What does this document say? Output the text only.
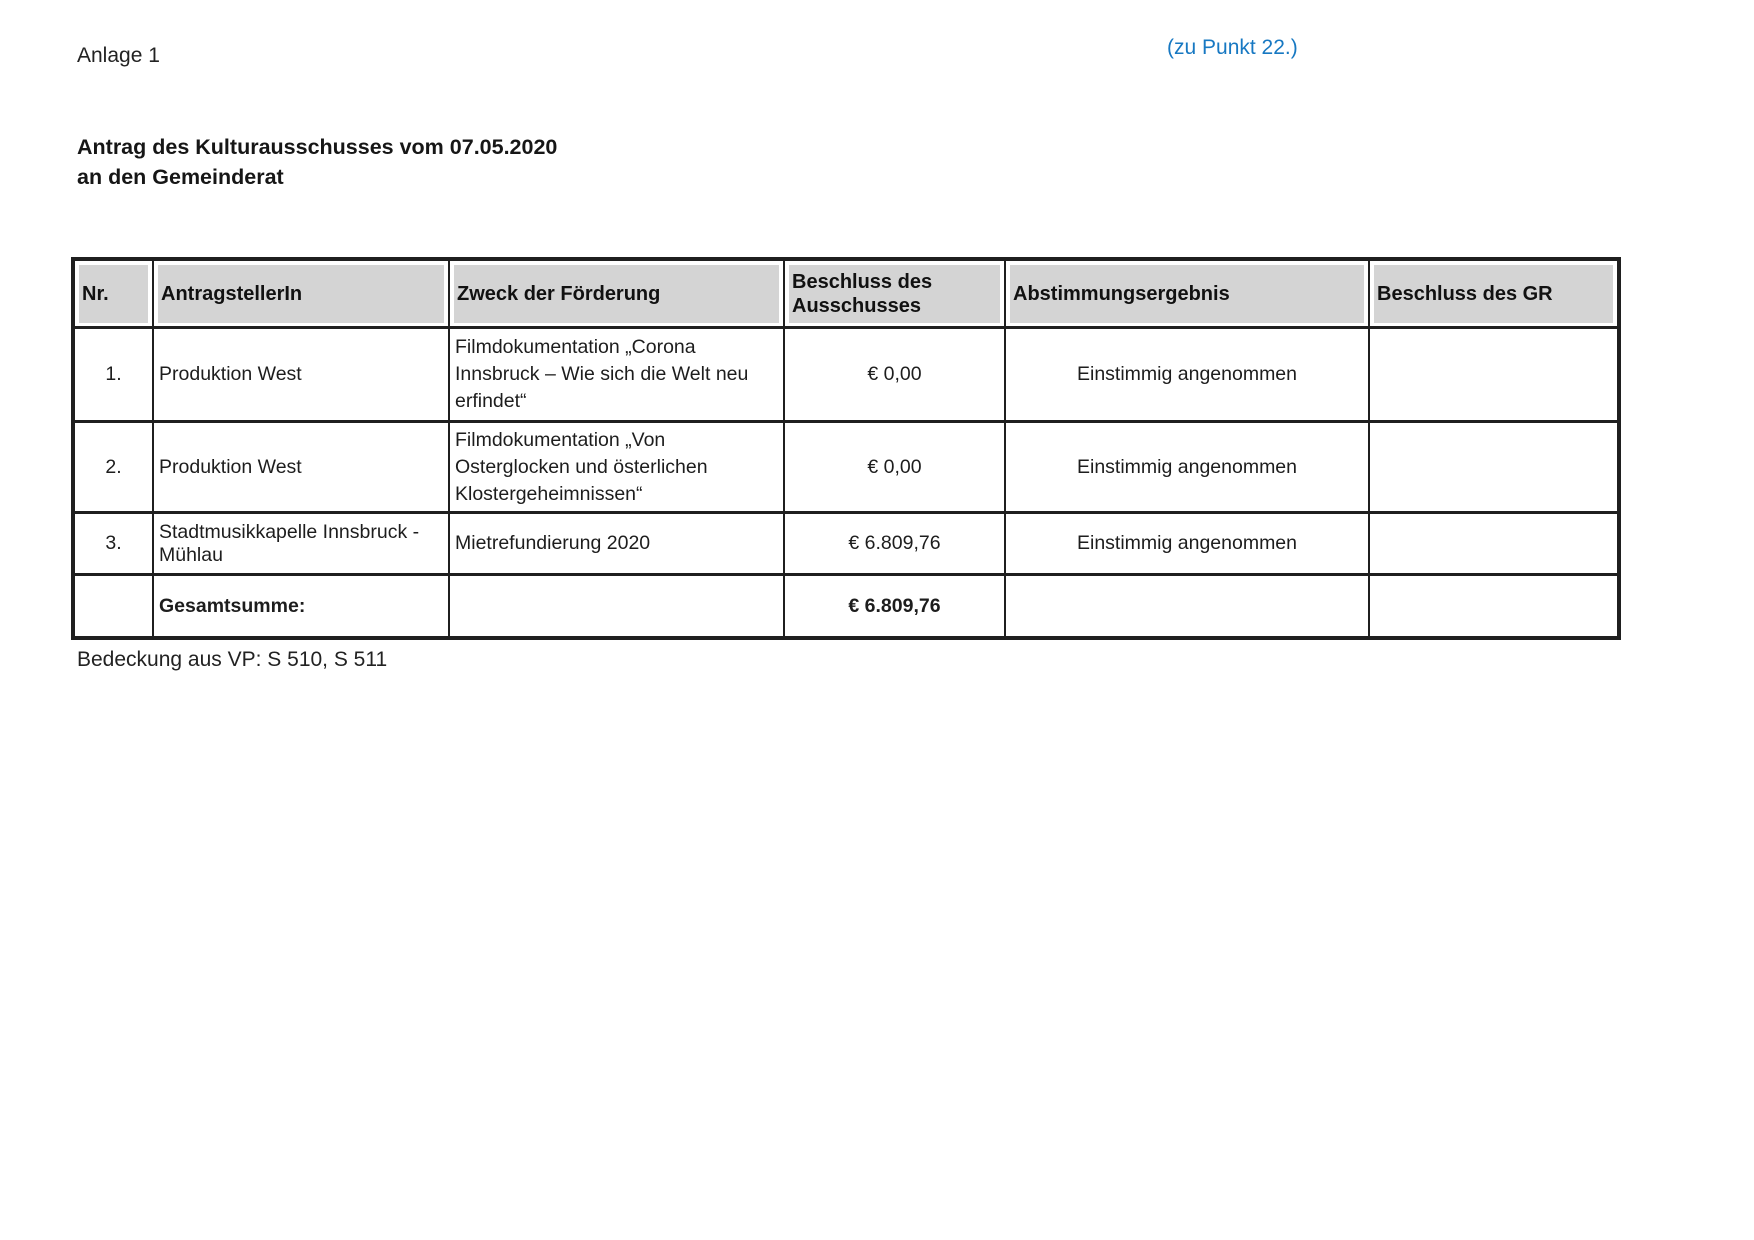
Anlage 1	(zu Punkt 22.)
Antrag des Kulturausschusses vom 07.05.2020
an den Gemeinderat
Nr.	AntragstellerIn	Zweck der Förderung	Beschluss des Ausschusses	Abstimmungsergebnis	Beschluss des GR

1.	Produktion West	Filmdokumentation „Corona Innsbruck – Wie sich die Welt neu erfindet“	€ 0,00	Einstimmig angenommen	
2.	Produktion West	Filmdokumentation „Von Osterglocken und österlichen Klostergeheimnissen“	€ 0,00	Einstimmig angenommen	
3.	Stadtmusikkapelle Innsbruck - Mühlau	Mietrefundierung 2020	€ 6.809,76	Einstimmig angenommen	
	Gesamtsumme:		€ 6.809,76		
Bedeckung aus VP: S 510, S 511
